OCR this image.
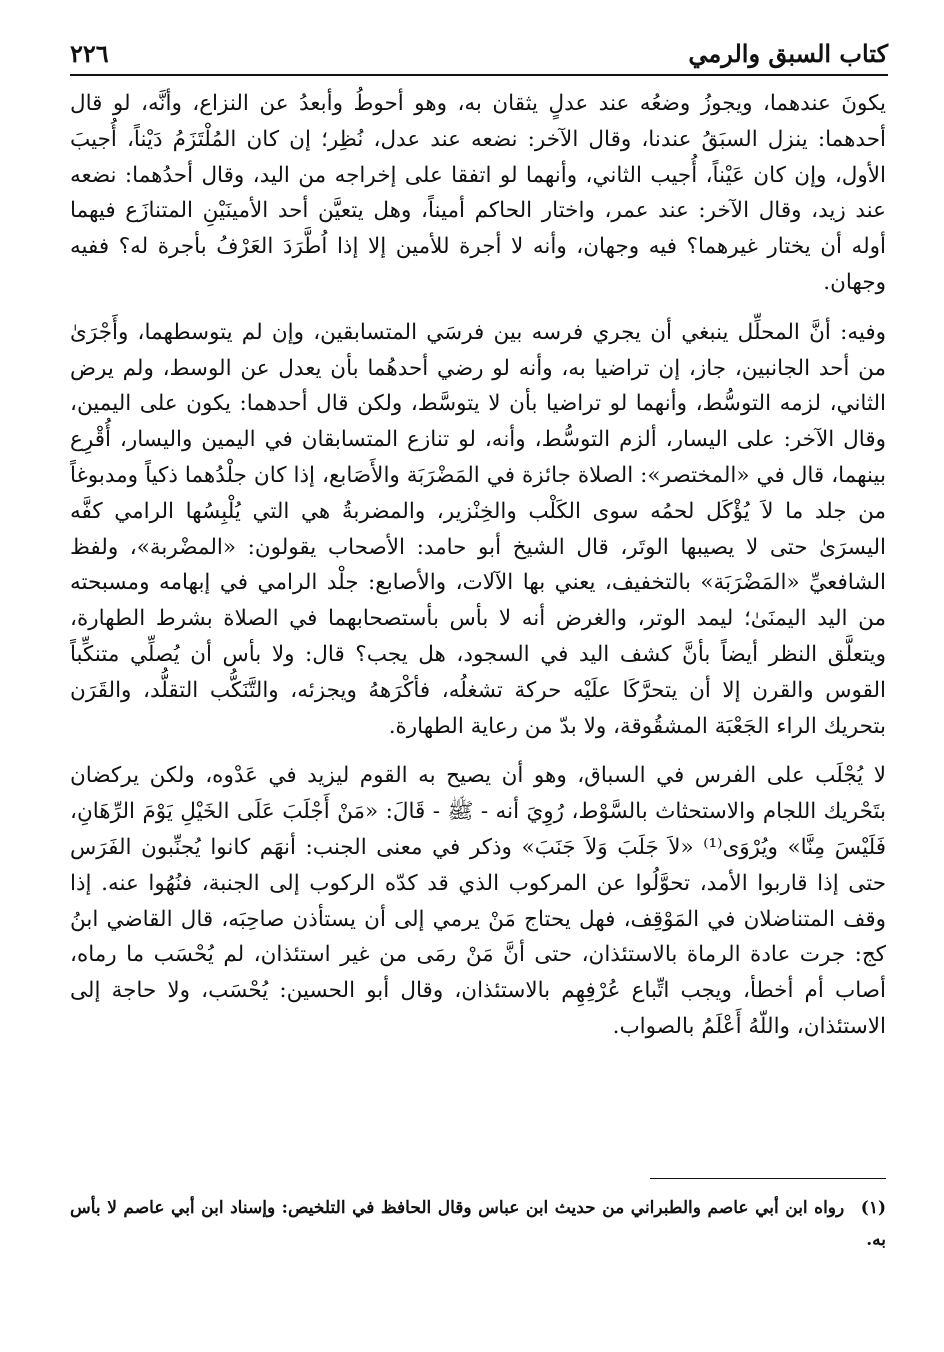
كتاب السبق والرمي
٢٢٦

يكونَ عندهما، ويجوزُ وضعُه عند عدلٍ يثقان به، وهو أحوطُ وأبعدُ عن النزاع، وأنَّه، لو قال أحدهما: ينزل السبَقُ عندنا، وقال الآخر: نضعه عند عدل، نُظِر؛ إن كان المُلْتَزَمُ دَيْناً، أُجيبَ الأول، وإن كان عَيْناً، أُجيب الثاني، وأنهما لو اتفقا على إخراجه من اليد، وقال أحدُهما: نضعه عند زيد، وقال الآخر: عند عمر، واختار الحاكم أميناً، وهل يتعيَّن أحد الأمينَيْنِ المتنازَع فيهما أوله أن يختار غيرهما؟ فيه وجهان، وأنه لا أجرة للأمين إلا إذا اُطَّرَدَ العَرْفُ بأجرة له؟ ففيه وجهان.

وفيه: أنَّ المحلِّل ينبغي أن يجري فرسه بين فرسَي المتسابقين، وإن لم يتوسطهما، وأَجْرَىٰ من أحد الجانبين، جاز، إن تراضيا به، وأنه لو رضي أحدهُما بأن يعدل عن الوسط، ولم يرض الثاني، لزمه التوسُّط، وأنهما لو تراضيا بأن لا يتوسَّط، ولكن قال أحدهما: يكون على اليمين، وقال الآخر: على اليسار، ألزم التوسُّط، وأنه، لو تنازع المتسابقان في اليمين واليسار، أُقْرِع بينهما، قال في «المختصر»: الصلاة جائزة في المَضْرَبَة والأَصَابع، إذا كان جلْدُهما ذكياً ومدبوغاً من جلد ما لاَ يُؤْكَل لحمُه سوى الكَلْب والخِنْزير، والمضربةُ هي التي يُلْبِسُها الرامي كفَّه اليسرَىٰ حتى لا يصيبها الوتَر، قال الشيخ أبو حامد: الأصحاب يقولون: «المضْربة»، ولفظ الشافعيِّ «المَضْرَبَة» بالتخفيف، يعني بها الآلات، والأصابع: جلْد الرامي في إبهامه ومسبحته من اليد اليمنَىٰ؛ ليمد الوتر، والغرض أنه لا بأس بأستصحابهما في الصلاة بشرط الطهارة، ويتعلَّق النظر أيضاً بأنَّ كشف اليد في السجود، هل يجب؟ قال: ولا بأس أن يُصلِّي متنكِّباً القوس والقرن إلا أن يتحرَّكَا علَيْه حركة تشغلُه، فأكْرَههُ ويجزئه، والتَّنَكُّب التقلُّد، والقَرَن بتحريك الراء الجَعْبَة المشقُوقة، ولا بدّ من رعاية الطهارة.

لا يُجْلَب على الفرس في السباق، وهو أن يصيح به القوم ليزيد في عَدْوه، ولكن يركضان بتَحْريك اللجام والاستحثاث بالسَّوْط، رُوِيَ أنه - ﷺ - قَالَ: «مَنْ أَجْلَبَ عَلَى الخَيْلِ يَوْمَ الرِّهَانِ، فَلَيْسَ مِنَّا» ويُرْوَى⁽¹⁾ «لاَ جَلَبَ وَلاَ جَنَبَ» وذكر في معنى الجنب: أنهَم كانوا يُجنِّبون الفَرَس حتى إذا قاربوا الأمد، تحوَّلُوا عن المركوب الذي قد كدّه الركوب إلى الجنبة، فنُهُوا عنه. إذا وقف المتناضلان في المَوْقِف، فهل يحتاج مَنْ يرمي إلى أن يستأذن صاحِبَه، قال القاضي ابنُ كج: جرت عادة الرماة بالاستئذان، حتى أنَّ مَنْ رمَى من غير استئذان، لم يُحْسَب ما رماه، أصاب أم أخطأ، ويجب اتِّباع عُرْفِهِم بالاستئذان، وقال أبو الحسين: يُحْسَب، ولا حاجة إلى الاستئذان، واللّهُ أَعْلَمُ بالصواب.

(١) رواه ابن أبي عاصم والطبراني من حديث ابن عباس وقال الحافظ في التلخيص: وإسناد ابن أبي عاصم لا بأس به.
